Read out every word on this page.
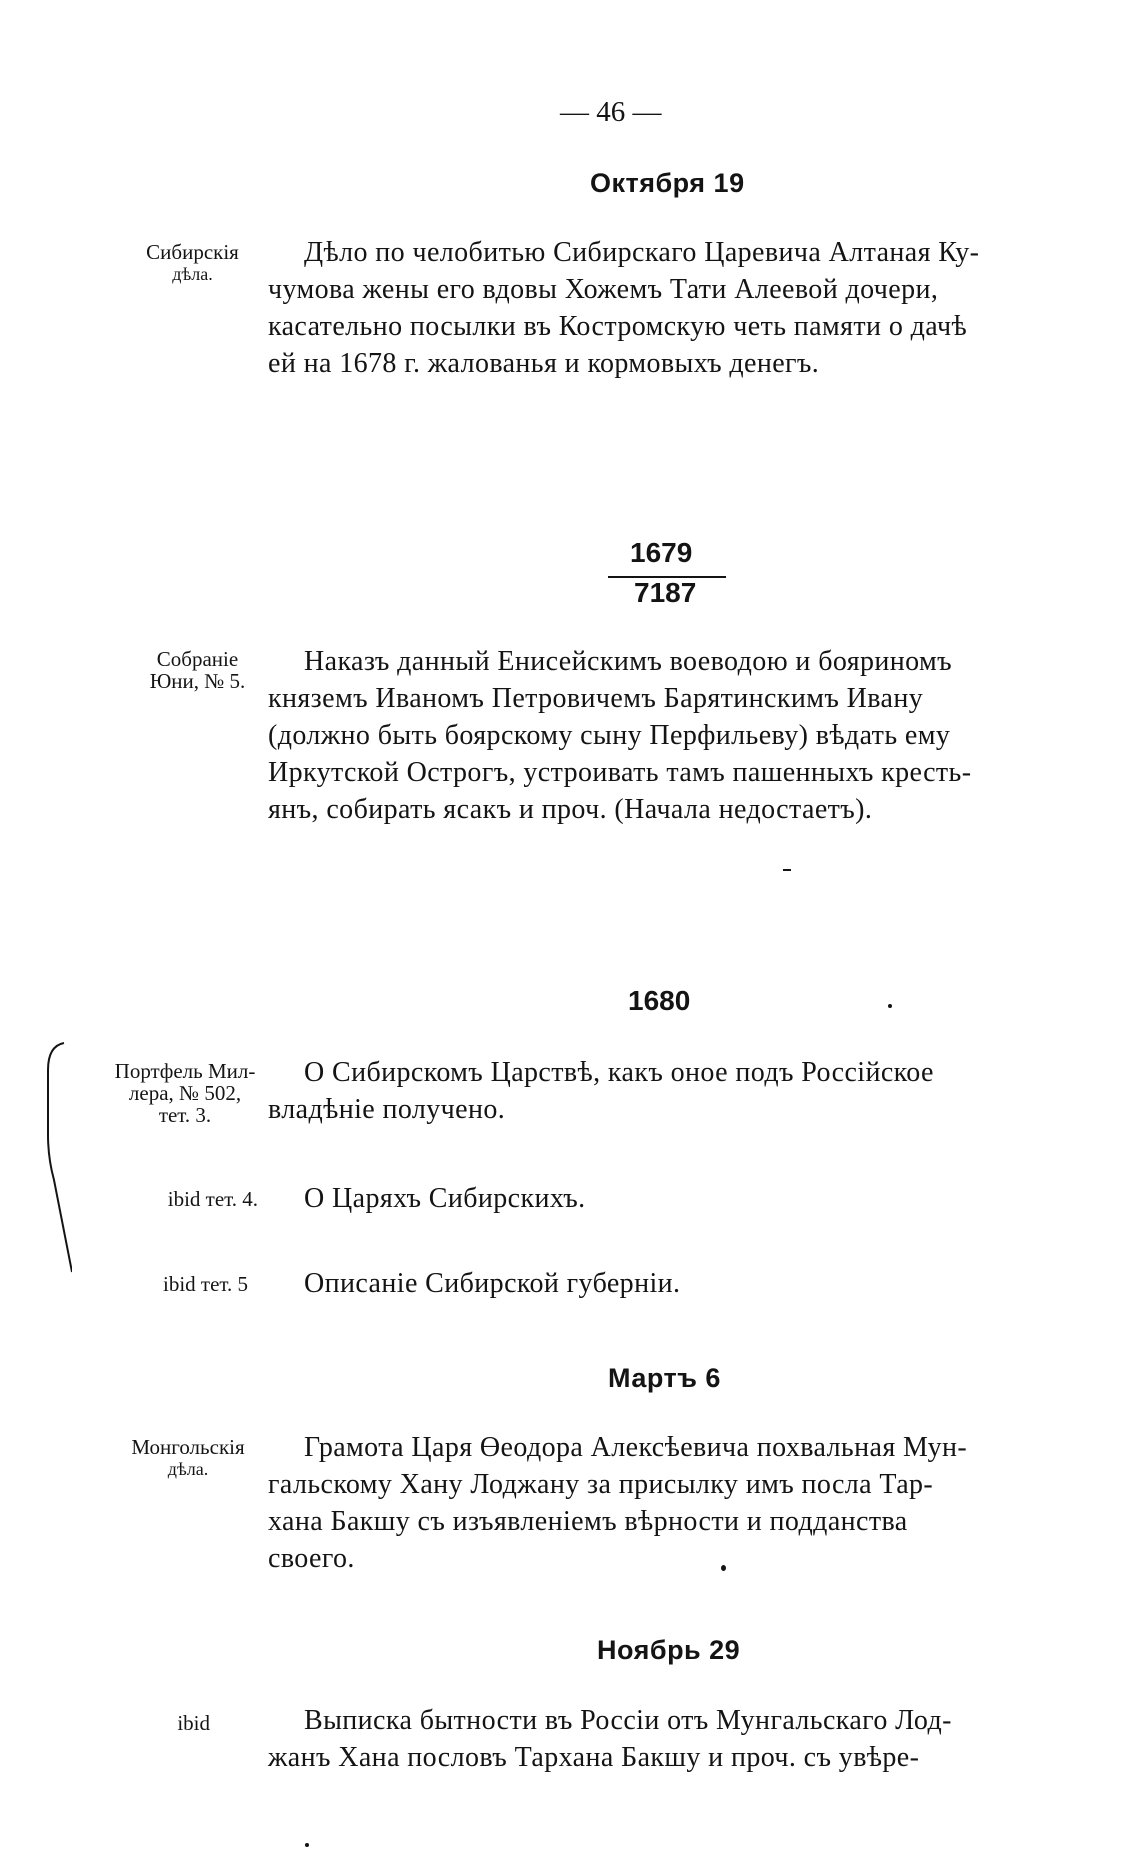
— 46 —
Октября 19
Сибирскія
дѣла.
Дѣло по челобитью Сибирскаго Царевича Алтаная Ку-
чумова жены его вдовы Хожемъ Тати Алеевой дочери,
касательно посылки въ Костромскую четь памяти о дачѣ
ей на 1678 г. жалованья и кормовыхъ денегъ.
1679
7187
Собраніе
Юни, № 5.
Наказъ данный Енисейскимъ воеводою и бояриномъ
княземъ Иваномъ Петровичемъ Барятинскимъ Ивану
(должно быть боярскому сыну Перфильеву) вѣдать ему
Иркутской Острогъ, устроивать тамъ пашенныхъ кресть-
янъ, собирать ясакъ и проч. (Начала недостаетъ).
1680
Портфель Мил-
лера, № 502,
тет. 3.
О Сибирскомъ Царствѣ, какъ оное подъ Россійское
владѣніе получено.
ibid тет. 4. О Царяхъ Сибирскихъ.
ibid тет. 5 Описаніе Сибирской губерніи.
Мартъ 6
Монгольскія
дѣла.
Грамота Царя Өеодора Алексѣевича похвальная Мун-
гальскому Хану Лоджану за присылку имъ посла Тар-
хана Бакшу съ изъявленіемъ вѣрности и подданства
своего.
Ноябрь 29
ibid	Выписка бытности въ Россіи отъ Мунгальскаго Лод-
жанъ Хана пословъ Тархана Бакшу и проч. съ увѣре-
